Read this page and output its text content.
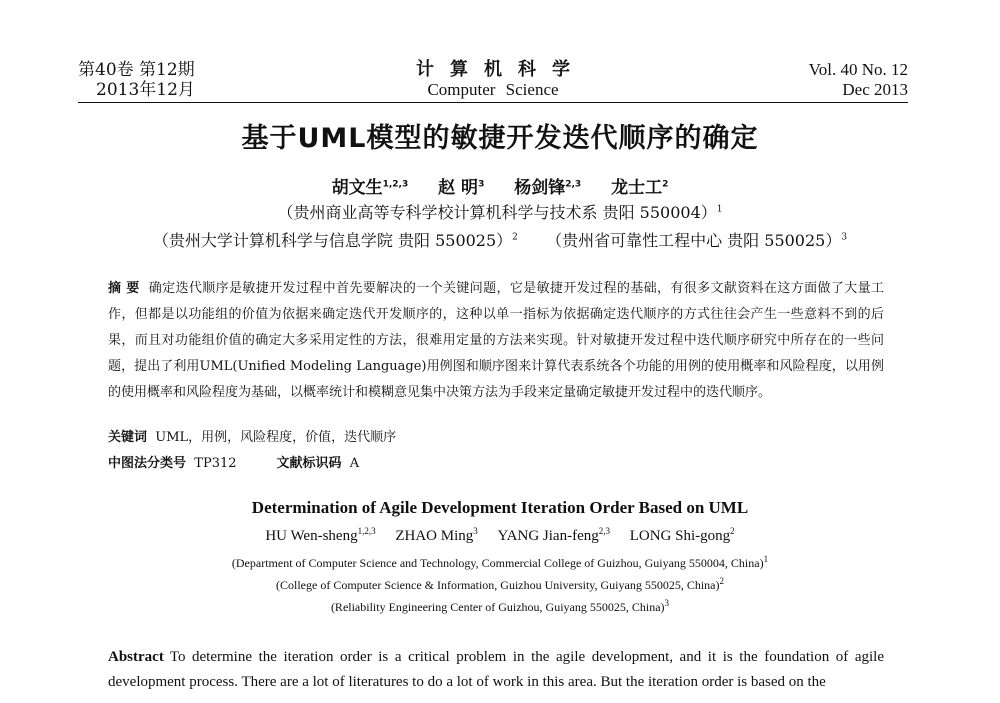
第40卷 第12期
2013年12月
计算机科学
Computer Science
Vol. 40 No. 12
Dec 2013
基于UML模型的敏捷开发迭代顺序的确定
胡文生$^{1,2,3}$ 赵 明$^3$ 杨剑锋$^{2,3}$ 龙士工$^2$
（贵州商业高等专科学校计算机科学与技术系 贵阳 550004）$^1$
（贵州大学计算机科学与信息学院 贵阳 550025）$^2$ （贵州省可靠性工程中心 贵阳 550025）$^3$
摘 要 确定迭代顺序是敏捷开发过程中首先要解决的一个关键问题，它是敏捷开发过程的基础，有很多文献资料在这方面做了大量工作，但都是以功能组的价值为依据来确定迭代开发顺序的，这种以单一指标为依据确定迭代顺序的方式往往会产生一些意料不到的后果，而且对功能组价值的确定大多采用定性的方法，很难用定量的方法来实现。针对敏捷开发过程中迭代顺序研究中所存在的一些问题，提出了利用UML(Unified Modeling Language)用例图和顺序图来计算代表系统各个功能的用例的使用概率和风险程度，以用例的使用概率和风险程度为基础，以概率统计和模糊意见集中决策方法为手段来定量确定敏捷开发过程中的迭代顺序。
关键词 UML，用例，风险程度，价值，迭代顺序
中图法分类号 TP312	文献标识码 A
Determination of Agile Development Iteration Order Based on UML
HU Wen-sheng$^{1,2,3}$ ZHAO Ming$^3$ YANG Jian-feng$^{2,3}$ LONG Shi-gong$^2$
(Department of Computer Science and Technology, Commercial College of Guizhou, Guiyang 550004, China)$^1$
(College of Computer Science & Information, Guizhou University, Guiyang 550025, China)$^2$
(Reliability Engineering Center of Guizhou, Guiyang 550025, China)$^3$
Abstract To determine the iteration order is a critical problem in the agile development, and it is the foundation of agile development process. There are a lot of literatures to do a lot of work in this area. But the iteration order is based on the
